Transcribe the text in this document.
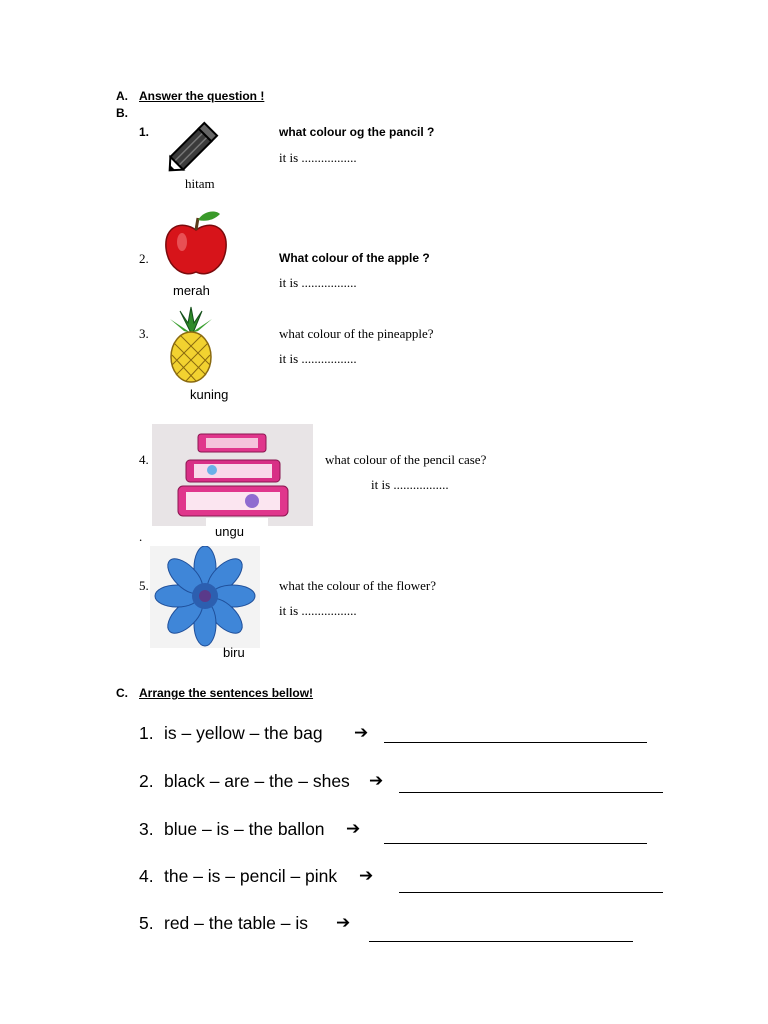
A. Answer the question !
B.
1.
hitam
what colour og the pancil ?
it is .................
2.
merah
What colour of the apple ?
it is .................
3.
kuning
what colour of the pineapple?
it is .................
4.
ungu
what colour of the pencil case?
it is .................
.
5.
biru
what the colour of the flower?
it is .................
C. Arrange the sentences bellow!
1. is – yellow – the bag ➔
2. black – are – the – shes ➔
3. blue – is – the ballon ➔
4. the – is – pencil – pink ➔
5. red – the table – is ➔
